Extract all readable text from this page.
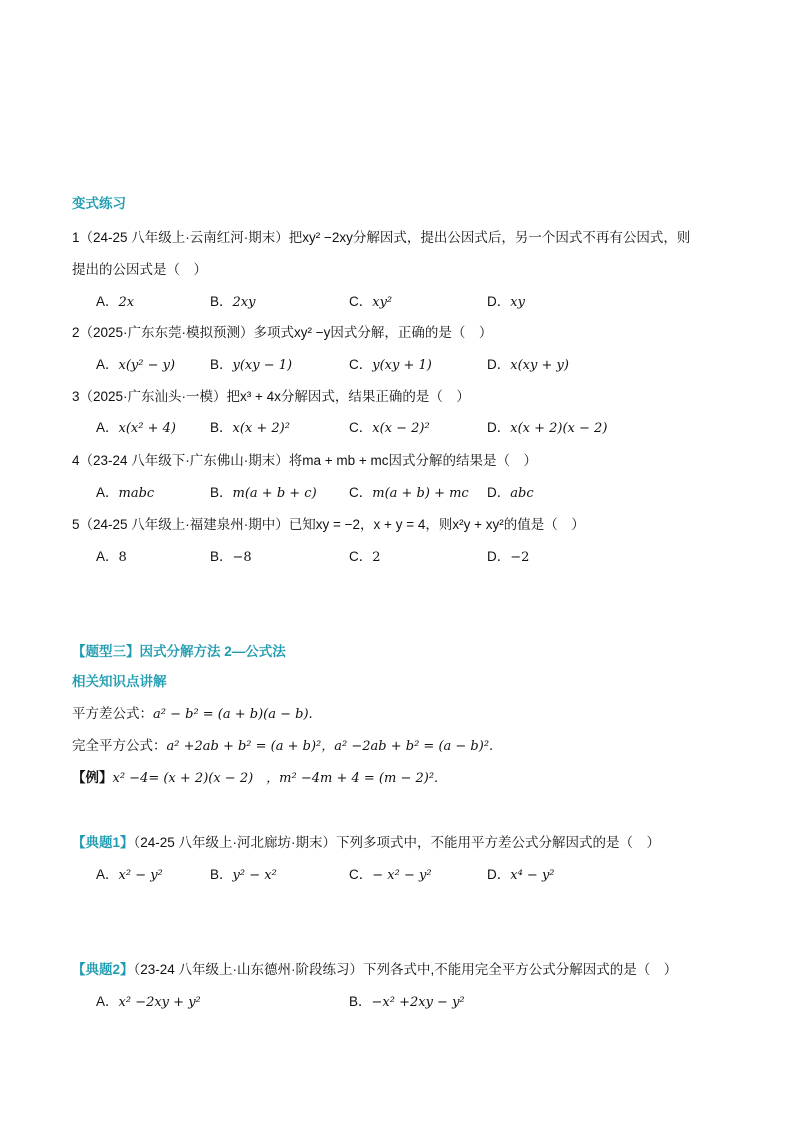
变式练习
1（24-25 八年级上·云南红河·期末）把xy² −2xy分解因式，提出公因式后，另一个因式不再有公因式，则
提出的公因式是（　）
A．2x	B．2xy	C．xy²	D．xy
2（2025·广东东莞·模拟预测）多项式xy² −y因式分解，正确的是（　）
A．x(y² − y)	B．y(xy − 1)	C．y(xy + 1)	D．x(xy + y)
3（2025·广东汕头·一模）把x³ + 4x分解因式，结果正确的是（　）
A．x(x² + 4)	B．x(x + 2)²	C．x(x − 2)²	D．x(x + 2)(x − 2)
4（23-24 八年级下·广东佛山·期末）将ma + mb + mc因式分解的结果是（　）
A．mabc	B．m(a + b + c) C．m(a + b) + mc D．abc
5（24-25 八年级上·福建泉州·期中）已知xy = −2，x + y = 4，则x²y + xy²的值是（　）
A．8	B．−8	C．2	D．−2
【题型三】因式分解方法 2—公式法
相关知识点讲解
平方差公式：a² − b² = (a + b)(a − b).
完全平方公式：a² +2ab + b² = (a + b)²，a² −2ab + b² = (a − b)².
【例】x² −4= (x + 2)(x − 2)　，m² −4m + 4 = (m − 2)².
【典题1】（24-25 八年级上·河北廊坊·期末）下列多项式中，不能用平方差公式分解因式的是（　）
A．x² − y²	B．y² − x²	C．− x² − y²	D．x⁴ − y²
【典题2】（23-24 八年级上·山东德州·阶段练习）下列各式中,不能用完全平方公式分解因式的是（　）
A．x² −2xy + y²	B．−x² +2xy − y²
